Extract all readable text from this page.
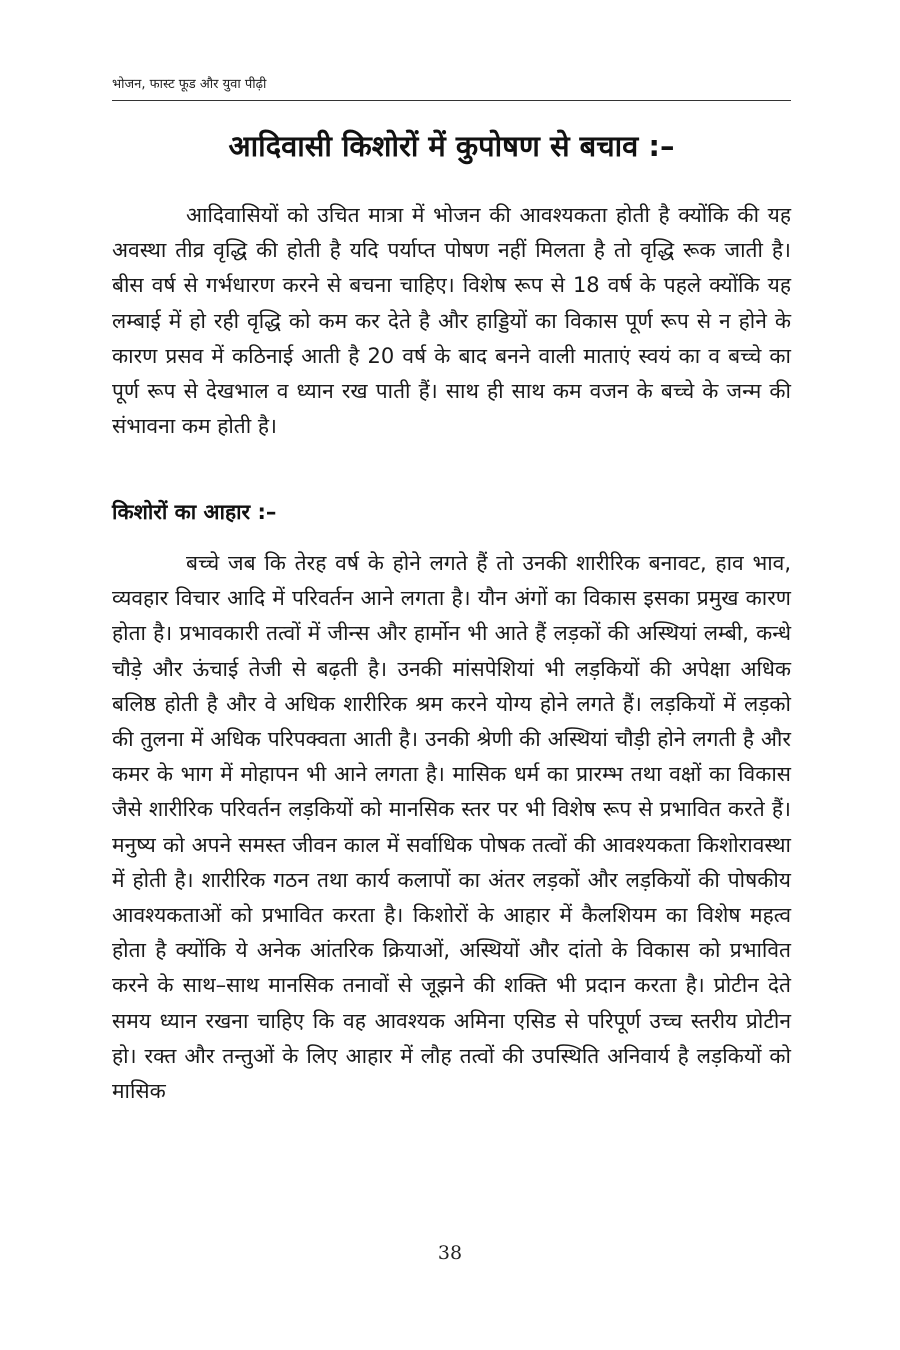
भोजन, फास्ट फूड और युवा पीढ़ी
आदिवासी किशोरों में कुपोषण से बचाव :–

आदिवासियों को उचित मात्रा में भोजन की आवश्यकता होती है क्योंकि की यह अवस्था तीव्र वृद्धि की होती है यदि पर्याप्त पोषण नहीं मिलता है तो वृद्धि रूक जाती है। बीस वर्ष से गर्भधारण करने से बचना चाहिए। विशेष रूप से 18 वर्ष के पहले क्योंकि यह लम्बाई में हो रही वृद्धि को कम कर देते है और हाड्डियों का विकास पूर्ण रूप से न होने के कारण प्रसव में कठिनाई आती है 20 वर्ष के बाद बनने वाली माताएं स्वयं का व बच्चे का पूर्ण रूप से देखभाल व ध्यान रख पाती हैं। साथ ही साथ कम वजन के बच्चे के जन्म की संभावना कम होती है।

किशोरों का आहार :–

बच्चे जब कि तेरह वर्ष के होने लगते हैं तो उनकी शारीरिक बनावट, हाव भाव, व्यवहार विचार आदि में परिवर्तन आने लगता है। यौन अंगों का विकास इसका प्रमुख कारण होता है। प्रभावकारी तत्वों में जीन्स और हार्मोन भी आते हैं लड़कों की अस्थियां लम्बी, कन्धे चौड़े और ऊंचाई तेजी से बढ़ती है। उनकी मांसपेशियां भी लड़कियों की अपेक्षा अधिक बलिष्ठ होती है और वे अधिक शारीरिक श्रम करने योग्य होने लगते हैं। लड़कियों में लड़को की तुलना में अधिक परिपक्वता आती है। उनकी श्रेणी की अस्थियां चौड़ी होने लगती है और कमर के भाग में मोहापन भी आने लगता है। मासिक धर्म का प्रारम्भ तथा वक्षों का विकास जैसे शारीरिक परिवर्तन लड़कियों को मानसिक स्तर पर भी विशेष रूप से प्रभावित करते हैं। मनुष्य को अपने समस्त जीवन काल में सर्वाधिक पोषक तत्वों की आवश्यकता किशोरावस्था में होती है। शारीरिक गठन तथा कार्य कलापों का अंतर लड़कों और लड़कियों की पोषकीय आवश्यकताओं को प्रभावित करता है। किशोरों के आहार में कैलशियम का विशेष महत्व होता है क्योंकि ये अनेक आंतरिक क्रियाओं, अस्थियों और दांतो के विकास को प्रभावित करने के साथ–साथ मानसिक तनावों से जूझने की शक्ति भी प्रदान करता है। प्रोटीन देते समय ध्यान रखना चाहिए कि वह आवश्यक अमिना एसिड से परिपूर्ण उच्च स्तरीय प्रोटीन हो। रक्त और तन्तुओं के लिए आहार में लौह तत्वों की उपस्थिति अनिवार्य है लड़कियों को मासिक

38
